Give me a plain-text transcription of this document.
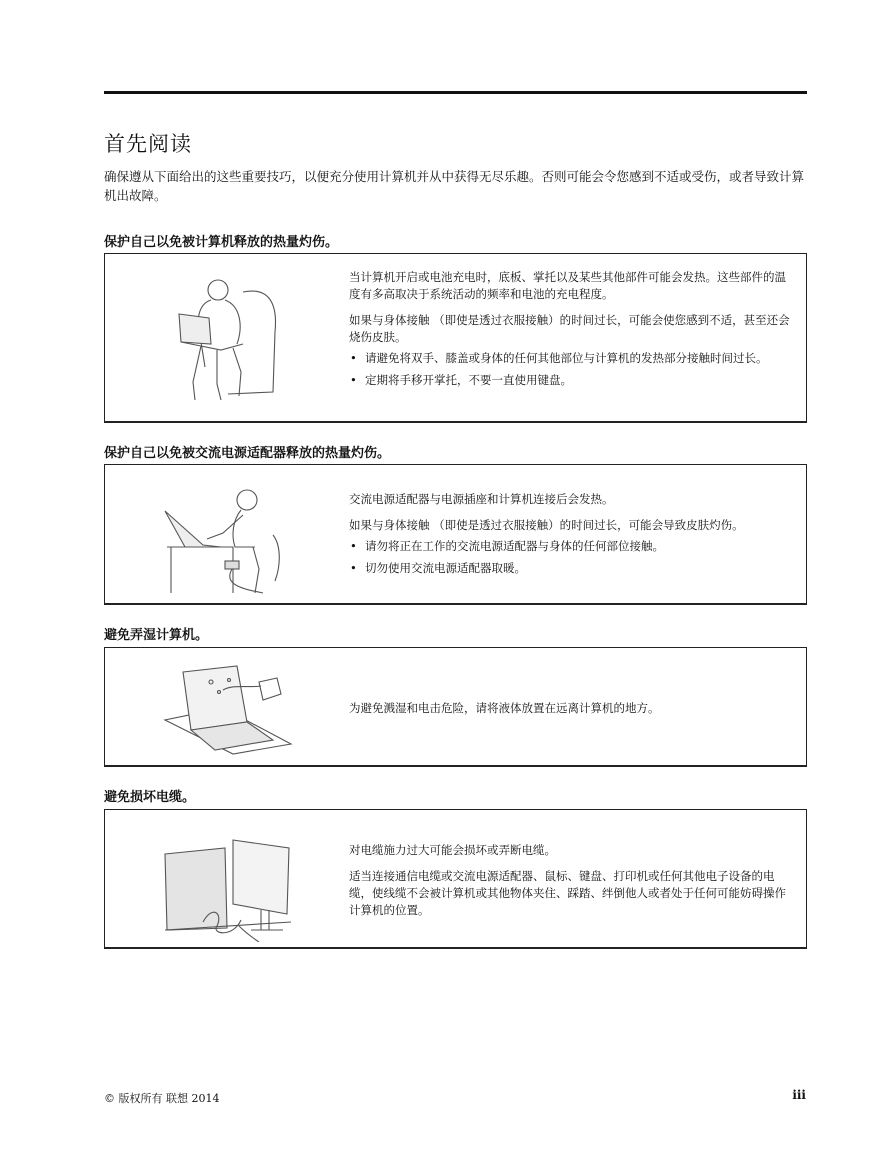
首先阅读

确保遵从下面给出的这些重要技巧，以便充分使用计算机并从中获得无尽乐趣。否则可能会令您感到不适或受伤，或者导致计算机出故障。

保护自己以免被计算机释放的热量灼伤。

当计算机开启或电池充电时，底板、掌托以及某些其他部件可能会发热。这些部件的温度有多高取决于系统活动的频率和电池的充电程度。

如果与身体接触 （即使是透过衣服接触）的时间过长，可能会使您感到不适，甚至还会烧伤皮肤。

• 请避免将双手、膝盖或身体的任何其他部位与计算机的发热部分接触时间过长。
• 定期将手移开掌托，不要一直使用键盘。
保护自己以免被交流电源适配器释放的热量灼伤。

交流电源适配器与电源插座和计算机连接后会发热。

如果与身体接触 （即使是透过衣服接触）的时间过长，可能会导致皮肤灼伤。

• 请勿将正在工作的交流电源适配器与身体的任何部位接触。
• 切勿使用交流电源适配器取暖。
避免弄湿计算机。

为避免溅湿和电击危险，请将液体放置在远离计算机的地方。

避免损坏电缆。

对电缆施力过大可能会损坏或弄断电缆。

适当连接通信电缆或交流电源适配器、鼠标、键盘、打印机或任何其他电子设备的电缆，使线缆不会被计算机或其他物体夹住、踩踏、绊倒他人或者处于任何可能妨碍操作计算机的位置。

© 版权所有 联想 2014	iii
